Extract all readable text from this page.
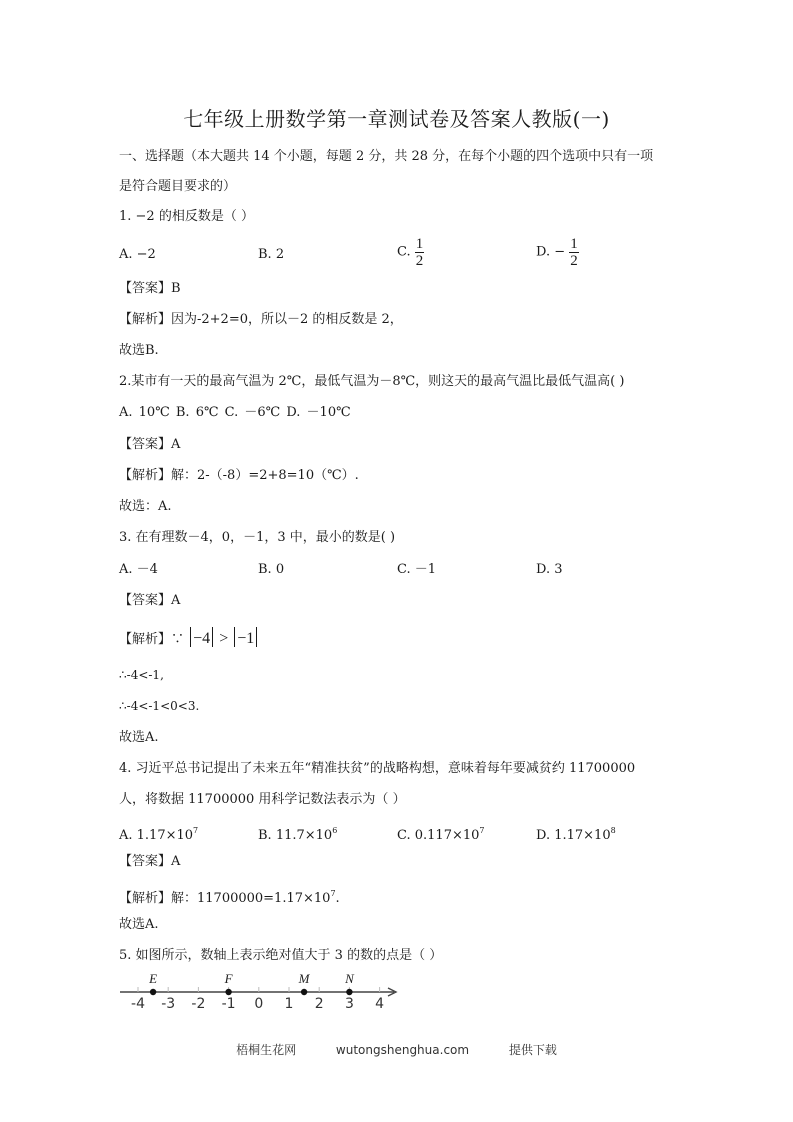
七年级上册数学第一章测试卷及答案人教版(一)
一、选择题（本大题共 14 个小题，每题 2 分，共 28 分，在每个小题的四个选项中只有一项
是符合题目要求的）
1. −2 的相反数是（ ）
A. −2	B. 2	C. $\frac{1}{2}$	D. − $\frac{1}{2}$
【答案】B
【解析】因为-2+2=0，所以－2 的相反数是 2，
故选B.
2.某市有一天的最高气温为 2℃，最低气温为－8℃，则这天的最高气温比最低气温高( )
A. 10℃ B. 6℃ C. －6℃ D. －10℃
【答案】A
【解析】解：2-（-8）=2+8=10（℃）.
故选：A.
3. 在有理数－4，0，－1，3 中，最小的数是( )
A. －4	B. 0	C. －1	D. 3
【答案】A
【解析】∵ −4 > −1
∴-4<-1,
∴-4<-1<0<3.
故选A.
4. 习近平总书记提出了未来五年“精准扶贫”的战略构想，意味着每年要减贫约 11700000
人，将数据 11700000 用科学记数法表示为（ ）
A. $1.17\times 10^7$	B. $11.7\times 10^6$	C. $0.117\times 10^7$	D. $1.17\times 10^8$
【答案】A
【解析】解：$11700000=1.17\times 10^7$.
故选A.
5. 如图所示，数轴上表示绝对值大于 3 的数的点是（ ）
-4 -3 -2 -1 0 1 2 3 4
E	F	M	N
梧桐生花网	wutongshenghua.com	提供下载
